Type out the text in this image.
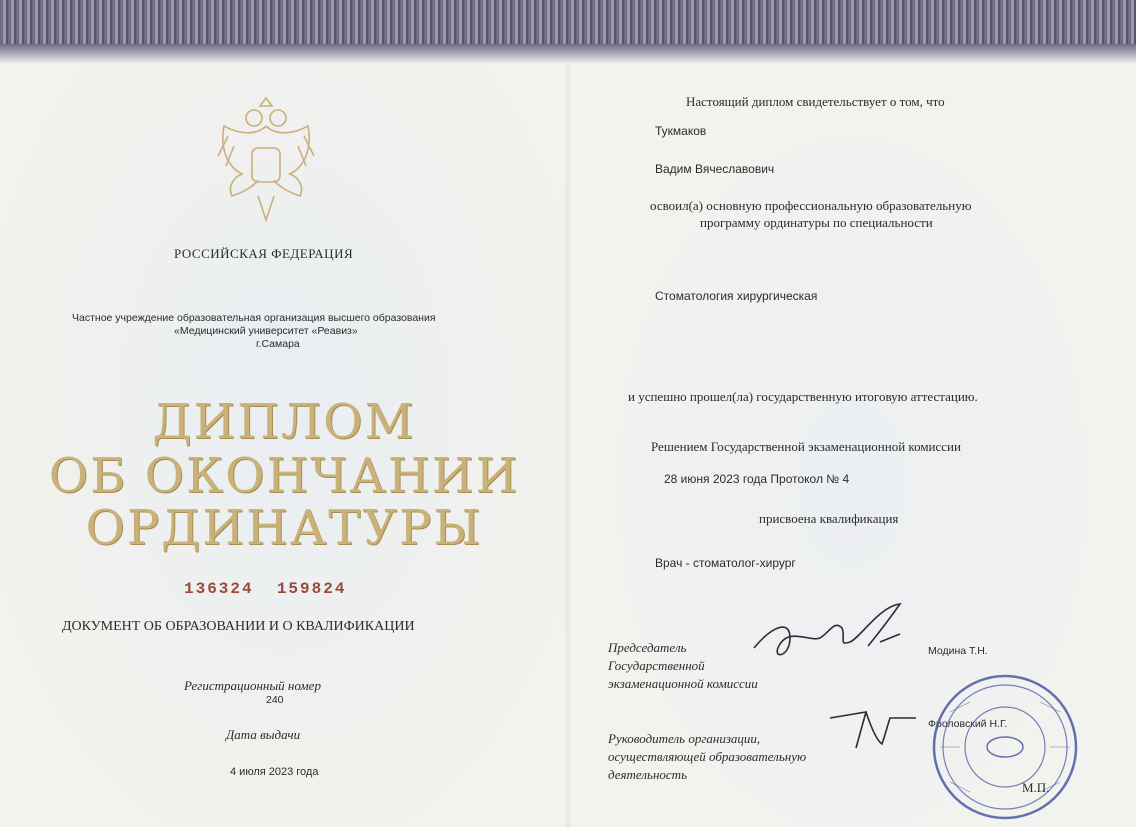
РОССИЙСКАЯ ФЕДЕРАЦИЯ
Частное учреждение образовательная организация высшего образования
«Медицинский университет «Реавиз»
г.Самара
ДИПЛОМ
ОБ ОКОНЧАНИИ
ОРДИНАТУРЫ
136324  159824
ДОКУМЕНТ ОБ ОБРАЗОВАНИИ И О КВАЛИФИКАЦИИ
Регистрационный номер
240
Дата выдачи
4 июля 2023 года
Настоящий диплом свидетельствует о том, что
Тукмаков
Вадим Вячеславович
освоил(а) основную профессиональную образовательную
программу ординатуры по специальности
Стоматология хирургическая
и успешно прошел(ла) государственную итоговую аттестацию.
Решением Государственной экзаменационной комиссии
28 июня 2023 года Протокол № 4
присвоена квалификация
Врач - стоматолог-хирург
Председатель
Государственной
экзаменационной комиссии
Модина Т.Н.
Руководитель организации,
осуществляющей образовательную
деятельность
Фроловский Н.Г.
М.П.
